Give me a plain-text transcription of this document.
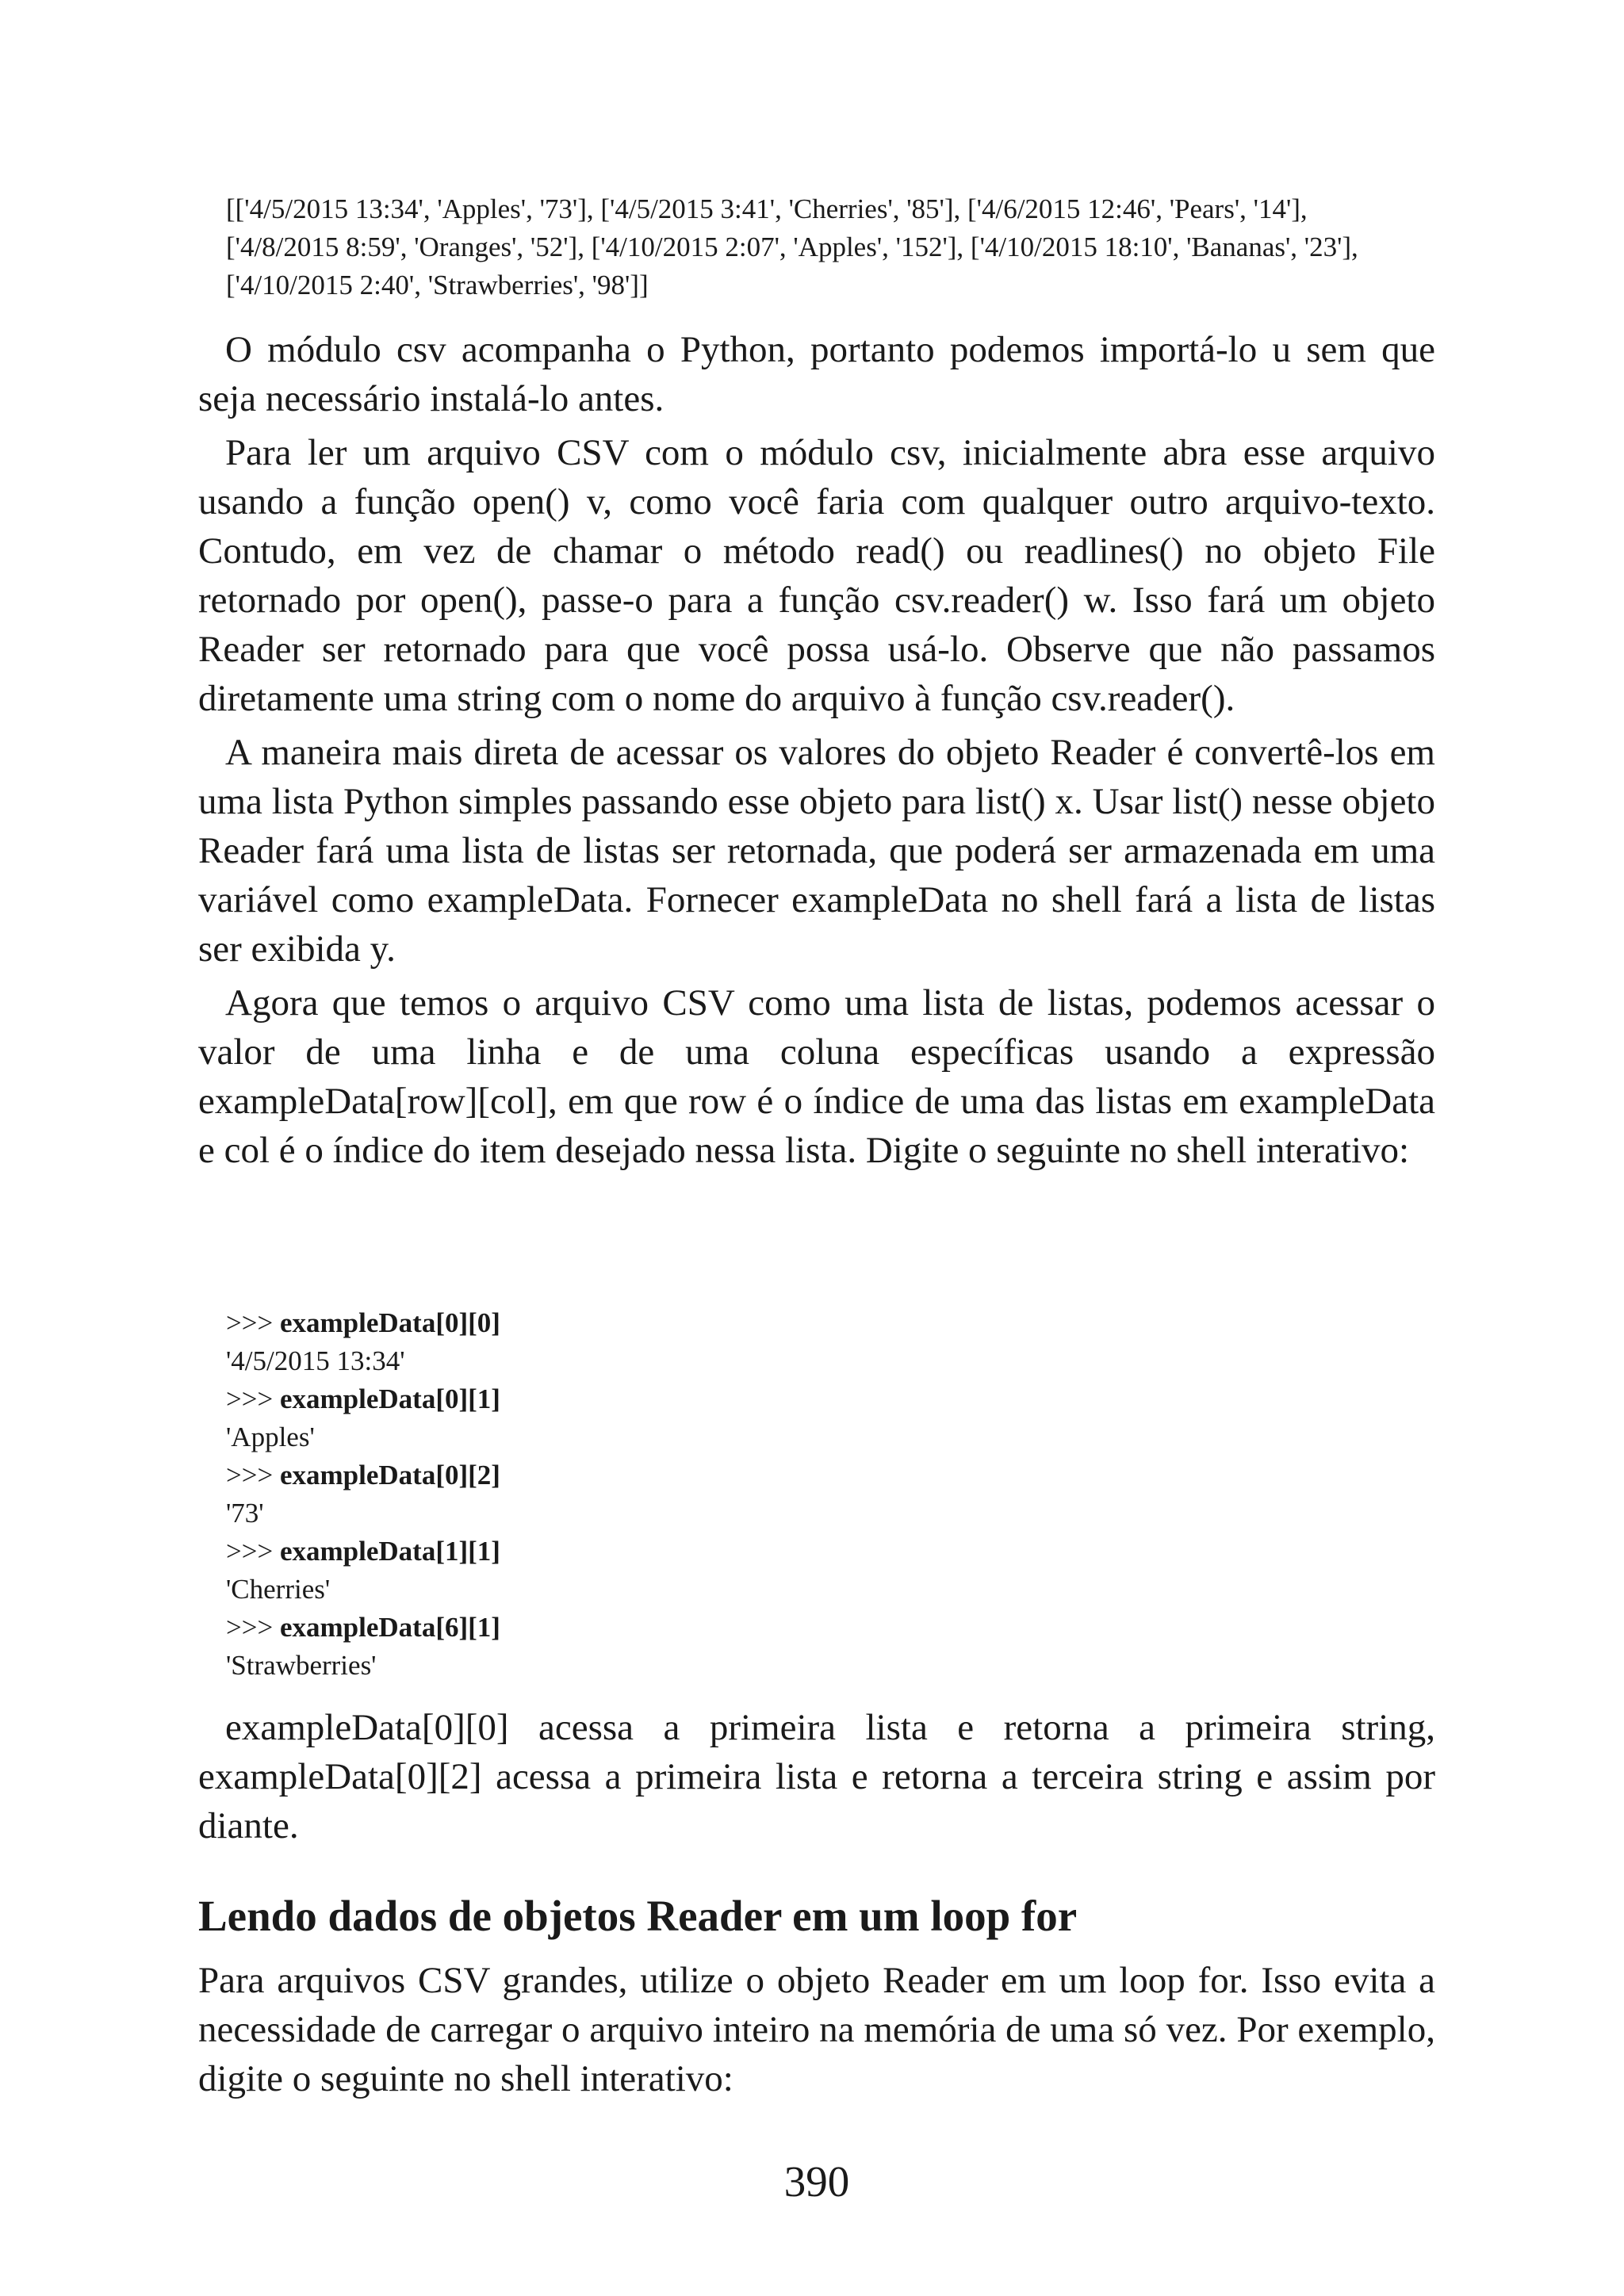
[['4/5/2015 13:34', 'Apples', '73'], ['4/5/2015 3:41', 'Cherries', '85'], ['4/6/2015 12:46', 'Pears', '14'],
['4/8/2015 8:59', 'Oranges', '52'], ['4/10/2015 2:07', 'Apples', '152'], ['4/10/2015 18:10', 'Bananas', '23'],
['4/10/2015 2:40', 'Strawberries', '98']]

O módulo csv acompanha o Python, portanto podemos importá-lo u sem que seja necessário instalá-lo antes.

Para ler um arquivo CSV com o módulo csv, inicialmente abra esse arquivo usando a função open() v, como você faria com qualquer outro arquivo-texto. Contudo, em vez de chamar o método read() ou readlines() no objeto File retornado por open(), passe-o para a função csv.reader() w. Isso fará um objeto Reader ser retornado para que você possa usá-lo. Observe que não passamos diretamente uma string com o nome do arquivo à função csv.reader().

A maneira mais direta de acessar os valores do objeto Reader é convertê-los em uma lista Python simples passando esse objeto para list() x. Usar list() nesse objeto Reader fará uma lista de listas ser retornada, que poderá ser armazenada em uma variável como exampleData. Fornecer exampleData no shell fará a lista de listas ser exibida y.

Agora que temos o arquivo CSV como uma lista de listas, podemos acessar o valor de uma linha e de uma coluna específicas usando a expressão exampleData[row][col], em que row é o índice de uma das listas em exampleData e col é o índice do item desejado nessa lista. Digite o seguinte no shell interativo:

>>> exampleData[0][0]
'4/5/2015 13:34'
>>> exampleData[0][1]
'Apples'
>>> exampleData[0][2]
'73'
>>> exampleData[1][1]
'Cherries'
>>> exampleData[6][1]
'Strawberries'

exampleData[0][0] acessa a primeira lista e retorna a primeira string, exampleData[0][2] acessa a primeira lista e retorna a terceira string e assim por diante.

Lendo dados de objetos Reader em um loop for

Para arquivos CSV grandes, utilize o objeto Reader em um loop for. Isso evita a necessidade de carregar o arquivo inteiro na memória de uma só vez. Por exemplo, digite o seguinte no shell interativo:

390
